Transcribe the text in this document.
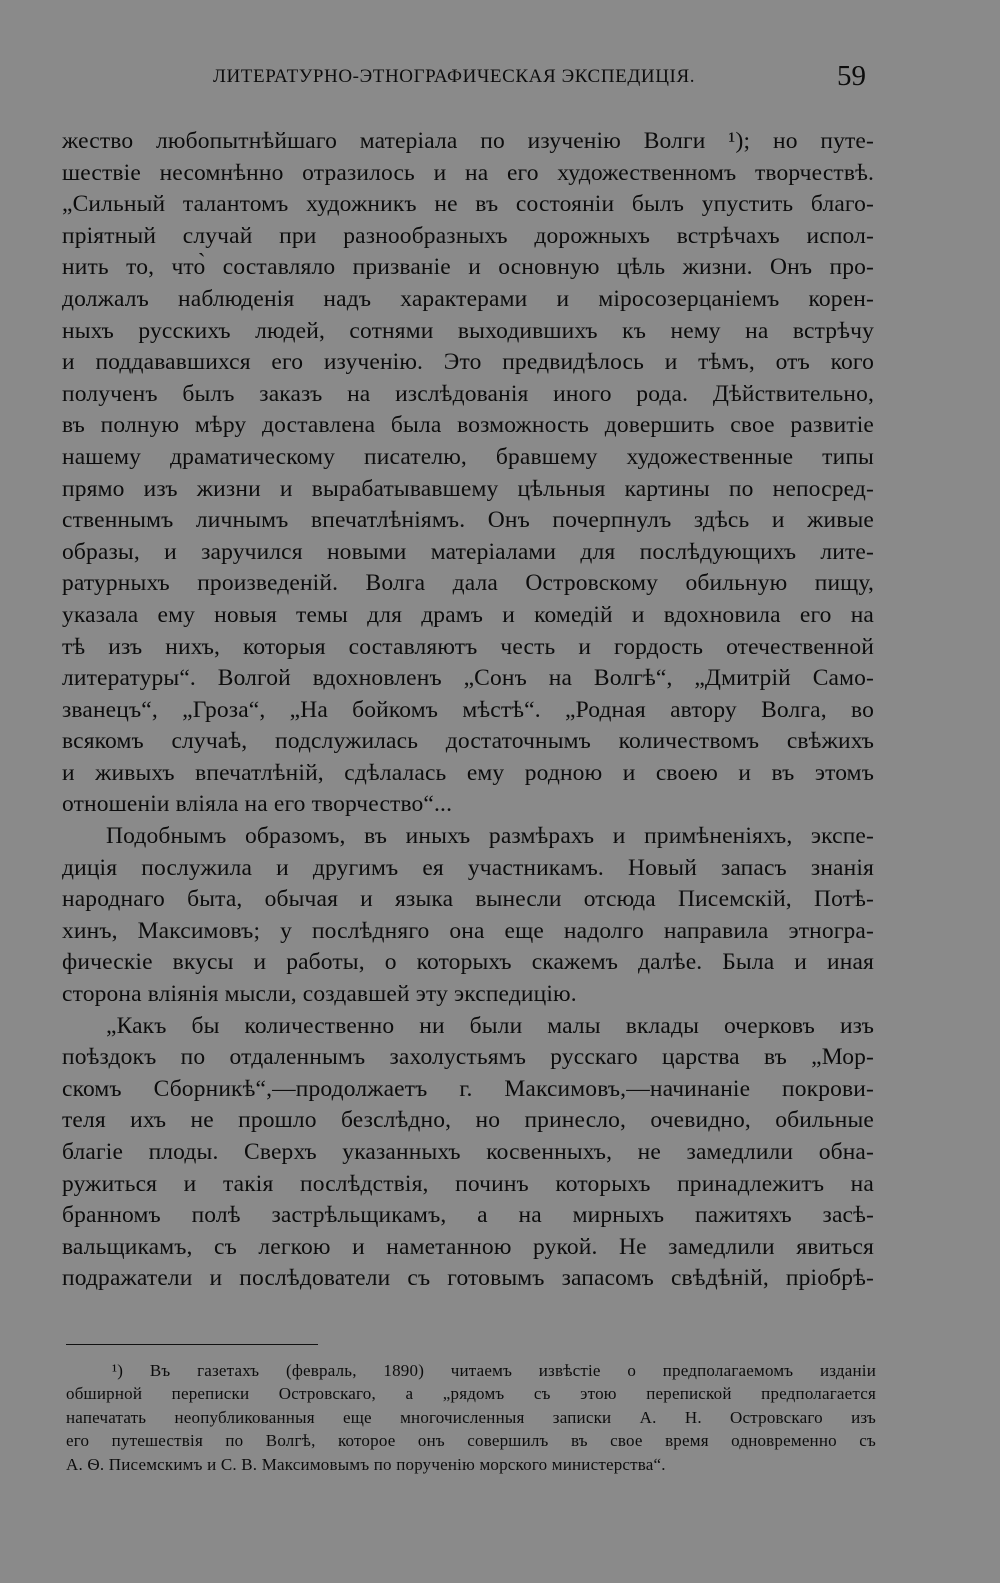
ЛИТЕРАТУРНО-ЭТНОГРАФИЧЕСКАЯ ЭКСПЕДИЦІЯ.	59
жество любопытнѣйшаго матеріала по изученію Волги ¹); но путе-
шествіе несомнѣнно отразилось и на его художественномъ творчествѣ.
„Сильный талантомъ художникъ не въ состояніи былъ упустить благо-
пріятный случай при разнообразныхъ дорожныхъ встрѣчахъ испол-
нить то, что̀ составляло призваніе и основную цѣль жизни. Онъ про-
должалъ наблюденія надъ характерами и міросозерцаніемъ корен-
ныхъ русскихъ людей, сотнями выходившихъ къ нему на встрѣчу
и поддававшихся его изученію. Это предвидѣлось и тѣмъ, отъ кого
полученъ былъ заказъ на изслѣдованія иного рода. Дѣйствительно,
въ полную мѣру доставлена была возможность довершить свое развитіе
нашему драматическому писателю, бравшему художественные типы
прямо изъ жизни и вырабатывавшему цѣльныя картины по непосред-
ственнымъ личнымъ впечатлѣніямъ. Онъ почерпнулъ здѣсь и живые
образы, и заручился новыми матеріалами для послѣдующихъ лите-
ратурныхъ произведеній. Волга дала Островскому обильную пищу,
указала ему новыя темы для драмъ и комедій и вдохновила его на
тѣ изъ нихъ, которыя составляютъ честь и гордость отечественной
литературы“. Волгой вдохновленъ „Сонъ на Волгѣ“, „Дмитрій Само-
званецъ“, „Гроза“, „На бойкомъ мѣстѣ“. „Родная автору Волга, во
всякомъ случаѣ, подслужилась достаточнымъ количествомъ свѣжихъ
и живыхъ впечатлѣній, сдѣлалась ему родною и своею и въ этомъ
отношеніи вліяла на его творчество“...
Подобнымъ образомъ, въ иныхъ размѣрахъ и примѣненіяхъ, экспе-
диція послужила и другимъ ея участникамъ. Новый запасъ знанія
народнаго быта, обычая и языка вынесли отсюда Писемскій, Потѣ-
хинъ, Максимовъ; у послѣдняго она еще надолго направила этногра-
фическіе вкусы и работы, о которыхъ скажемъ далѣе. Была и иная
сторона вліянія мысли, создавшей эту экспедицію.
„Какъ бы количественно ни были малы вклады очерковъ изъ
поѣздокъ по отдаленнымъ захолустьямъ русскаго царства въ „Мор-
скомъ Сборникѣ“,—продолжаетъ г. Максимовъ,—начинаніе покрови-
теля ихъ не прошло безслѣдно, но принесло, очевидно, обильные
благіе плоды. Сверхъ указанныхъ косвенныхъ, не замедлили обна-
ружиться и такія послѣдствія, починъ которыхъ принадлежитъ на
бранномъ полѣ застрѣльщикамъ, а на мирныхъ пажитяхъ засѣ-
вальщикамъ, съ легкою и наметанною рукой. Не замедлили явиться
подражатели и послѣдователи съ готовымъ запасомъ свѣдѣній, пріобрѣ-
¹) Въ газетахъ (февраль, 1890) читаемъ извѣстіе о предполагаемомъ изданіи
обширной переписки Островскаго, а „рядомъ съ этою перепиской предполагается
напечатать неопубликованныя еще многочисленныя записки А. Н. Островскаго изъ
его путешествія по Волгѣ, которое онъ совершилъ въ свое время одновременно съ
А. Ѳ. Писемскимъ и С. В. Максимовымъ по порученію морского министерства“.
